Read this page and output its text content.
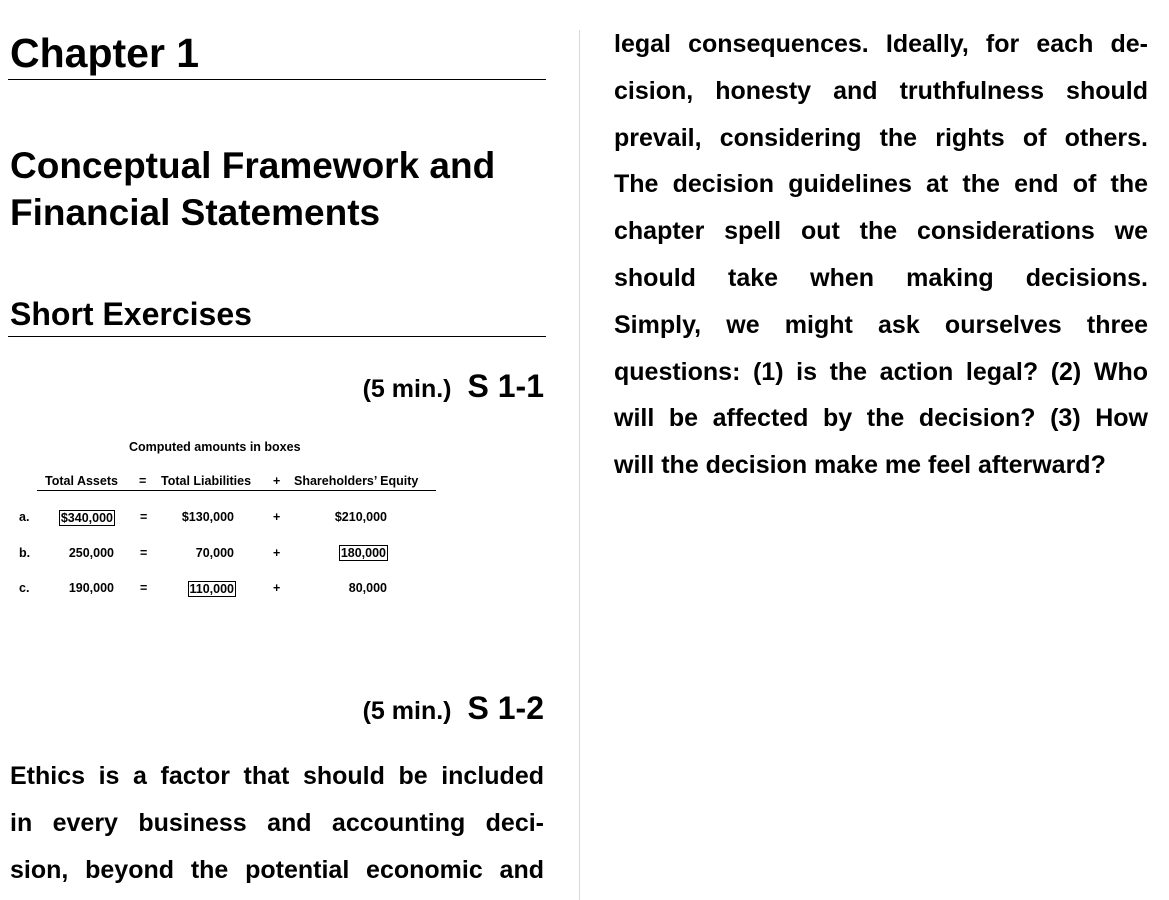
Chapter 1
Conceptual Framework and
Financial Statements
Short Exercises
(5 min.) S 1-1
Computed amounts in boxes
Total Assets = Total Liabilities + Shareholders’ Equity
a.	$340,000 =	$130,000	+	$210,000
b.	250,000 =	70,000	+	180,000
c.	190,000 =	110,000	+	80,000
(5 min.) S 1-2
Ethics is a factor that should be included
in every business and accounting deci-
sion, beyond the potential economic and
legal consequences. Ideally, for each de-
cision, honesty and truthfulness should
prevail, considering the rights of others.
The decision guidelines at the end of the
chapter spell out the considerations we
should take when making decisions.
Simply, we might ask ourselves three
questions: (1) is the action legal? (2) Who
will be affected by the decision? (3) How
will the decision make me feel afterward?
